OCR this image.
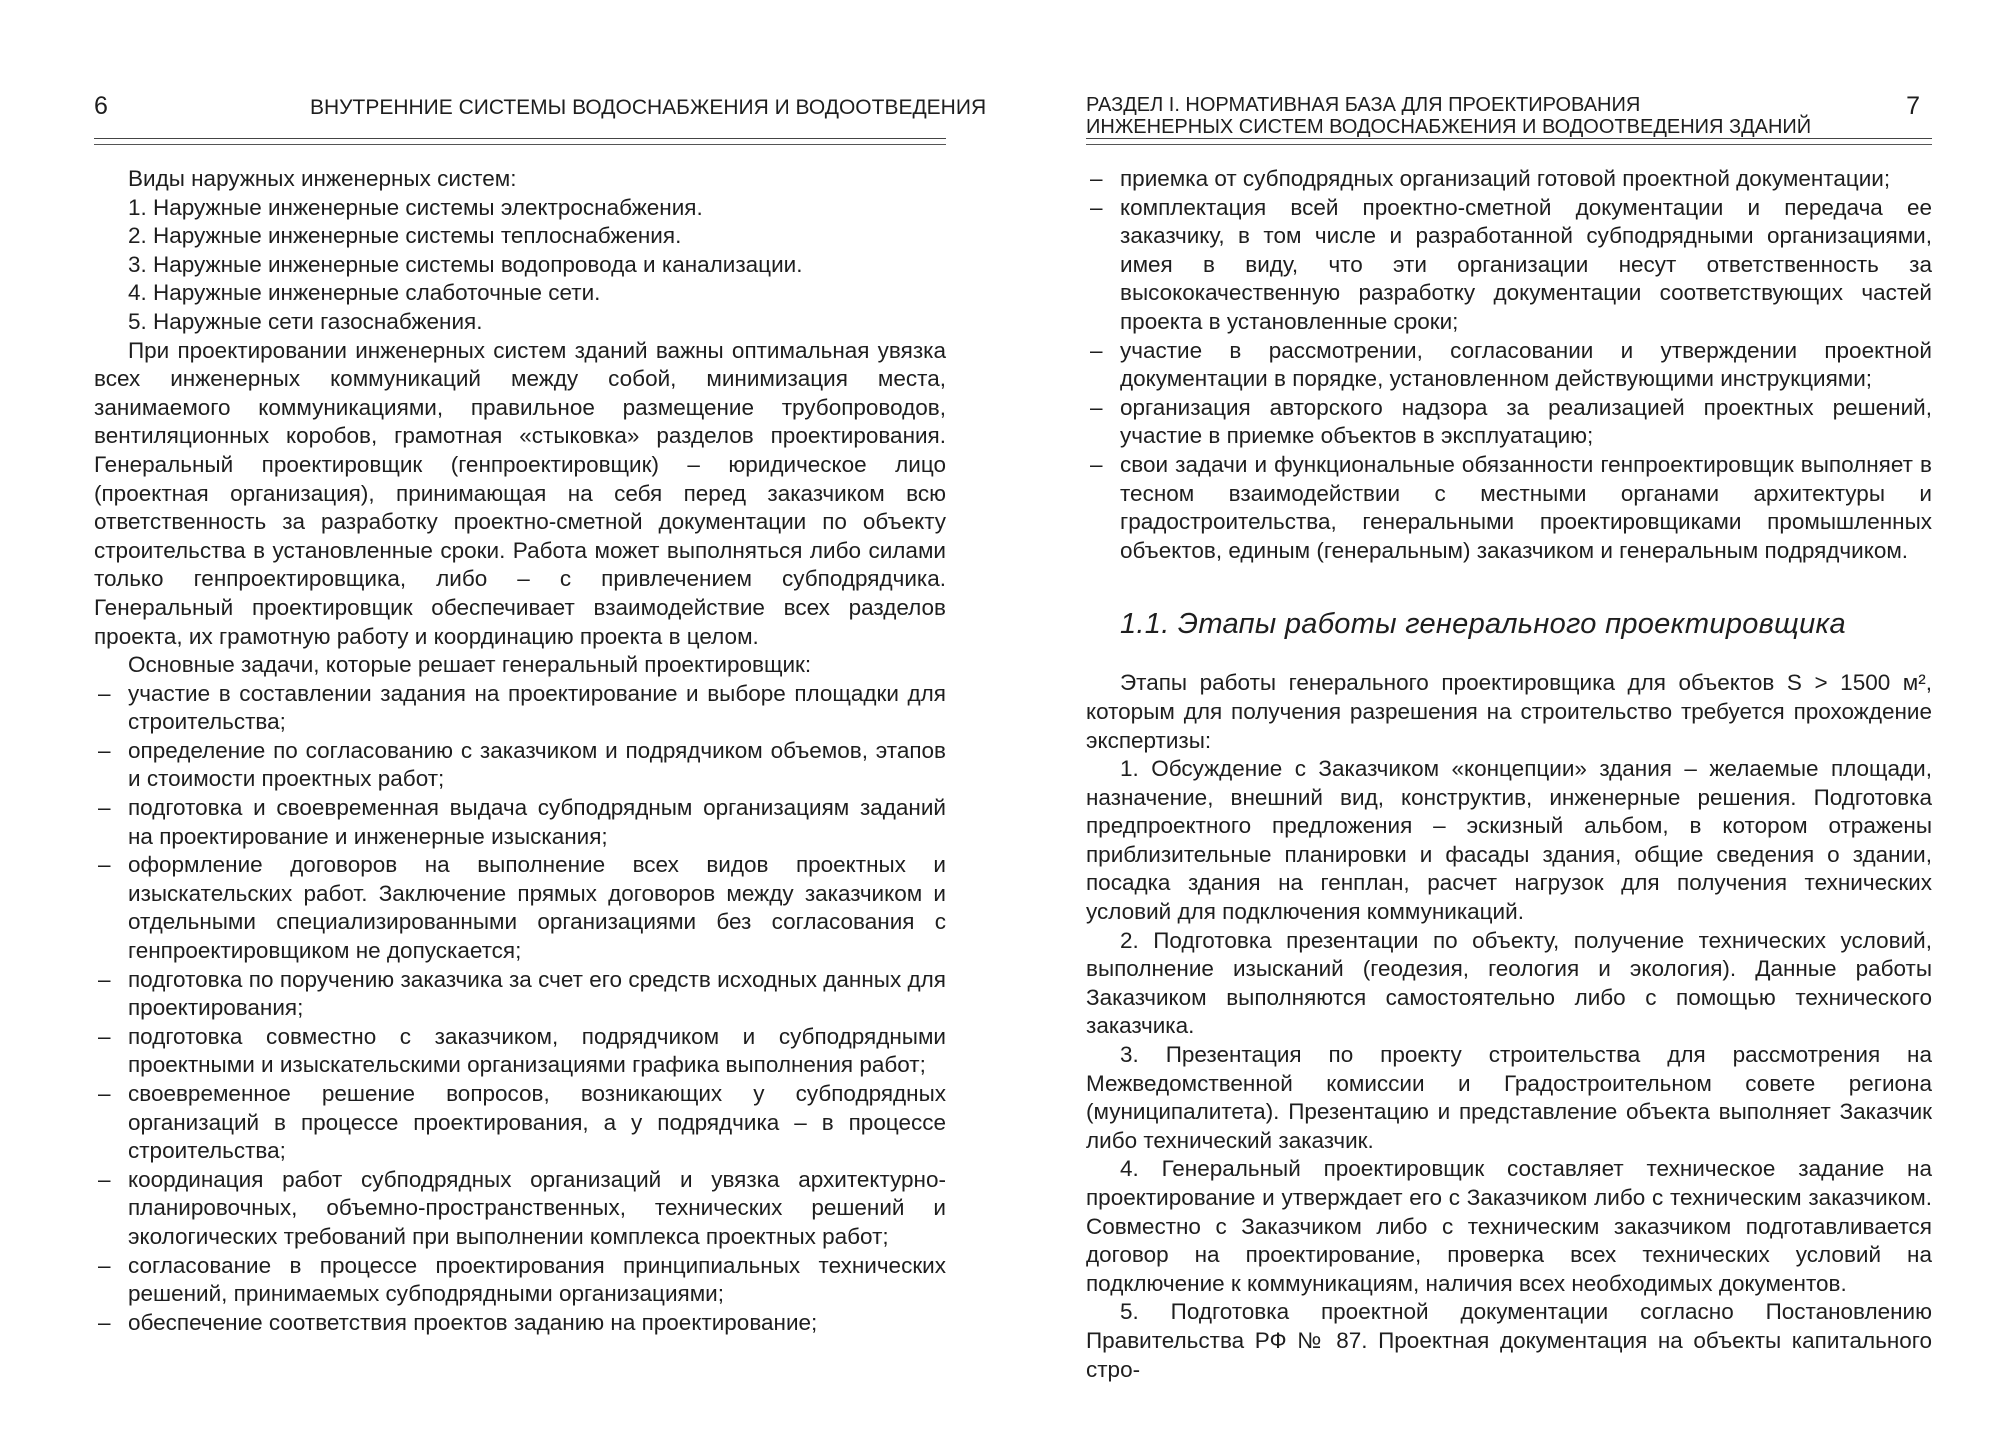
6	ВНУТРЕННИЕ СИСТЕМЫ ВОДОСНАБЖЕНИЯ И ВОДООТВЕДЕНИЯ

Виды наружных инженерных систем:

1. Наружные инженерные системы электроснабжения.

2. Наружные инженерные системы теплоснабжения.

3. Наружные инженерные системы водопровода и канализации.

4. Наружные инженерные слаботочные сети.

5. Наружные сети газоснабжения.

При проектировании инженерных систем зданий важны оптимальная увязка всех инженерных коммуникаций между собой, минимизация места, занимаемого коммуникациями, правильное размещение трубопроводов, вентиляционных коробов, грамотная «стыковка» разделов проектирования. Генеральный проектировщик (генпроектировщик) – юридическое лицо (проектная организация), принимающая на себя перед заказчиком всю ответственность за разработку проектно-сметной документации по объекту строительства в установленные сроки. Работа может выполняться либо силами только генпроектировщика, либо – с привлечением субподрядчика. Генеральный проектировщик обеспечивает взаимодействие всех разделов проекта, их грамотную работу и координацию проекта в целом.

Основные задачи, которые решает генеральный проектировщик:

– участие в составлении задания на проектирование и выборе площадки для строительства;
– определение по согласованию с заказчиком и подрядчиком объемов, этапов и стоимости проектных работ;
– подготовка и своевременная выдача субподрядным организациям заданий на проектирование и инженерные изыскания;
– оформление договоров на выполнение всех видов проектных и изыскательских работ. Заключение прямых договоров между заказчиком и отдельными специализированными организациями без согласования с генпроектировщиком не допускается;
– подготовка по поручению заказчика за счет его средств исходных данных для проектирования;
– подготовка совместно с заказчиком, подрядчиком и субподрядными проектными и изыскательскими организациями графика выполнения работ;
– своевременное решение вопросов, возникающих у субподрядных организаций в процессе проектирования, а у подрядчика – в процессе строительства;
– координация работ субподрядных организаций и увязка архитектурно-планировочных, объемно-пространственных, технических решений и экологических требований при выполнении комплекса проектных работ;
– согласование в процессе проектирования принципиальных технических решений, принимаемых субподрядными организациями;
– обеспечение соответствия проектов заданию на проектирование;
РАЗДЕЛ I. НОРМАТИВНАЯ БАЗА ДЛЯ ПРОЕКТИРОВАНИЯ
ИНЖЕНЕРНЫХ СИСТЕМ ВОДОСНАБЖЕНИЯ И ВОДООТВЕДЕНИЯ ЗДАНИЙ
7
– приемка от субподрядных организаций готовой проектной документации;
– комплектация всей проектно-сметной документации и передача ее заказчику, в том числе и разработанной субподрядными организациями, имея в виду, что эти организации несут ответственность за высококачественную разработку документации соответствующих частей проекта в установленные сроки;
– участие в рассмотрении, согласовании и утверждении проектной документации в порядке, установленном действующими инструкциями;
– организация авторского надзора за реализацией проектных решений, участие в приемке объектов в эксплуатацию;
– свои задачи и функциональные обязанности генпроектировщик выполняет в тесном взаимодействии с местными органами архитектуры и градостроительства, генеральными проектировщиками промышленных объектов, единым (генеральным) заказчиком и генеральным подрядчиком.
1.1. Этапы работы генерального проектировщика

Этапы работы генерального проектировщика для объектов S > 1500 м², которым для получения разрешения на строительство требуется прохождение экспертизы:

1. Обсуждение с Заказчиком «концепции» здания – желаемые площади, назначение, внешний вид, конструктив, инженерные решения. Подготовка предпроектного предложения – эскизный альбом, в котором отражены приблизительные планировки и фасады здания, общие сведения о здании, посадка здания на генплан, расчет нагрузок для получения технических условий для подключения коммуникаций.

2. Подготовка презентации по объекту, получение технических условий, выполнение изысканий (геодезия, геология и экология). Данные работы Заказчиком выполняются самостоятельно либо с помощью технического заказчика.

3. Презентация по проекту строительства для рассмотрения на Межведомственной комиссии и Градостроительном совете региона (муниципалитета). Презентацию и представление объекта выполняет Заказчик либо технический заказчик.

4. Генеральный проектировщик составляет техническое задание на проектирование и утверждает его с Заказчиком либо с техническим заказчиком. Совместно с Заказчиком либо с техническим заказчиком подготавливается договор на проектирование, проверка всех технических условий на подключение к коммуникациям, наличия всех необходимых документов.

5. Подготовка проектной документации согласно Постановлению Правительства РФ № 87. Проектная документация на объекты капитального стро-
